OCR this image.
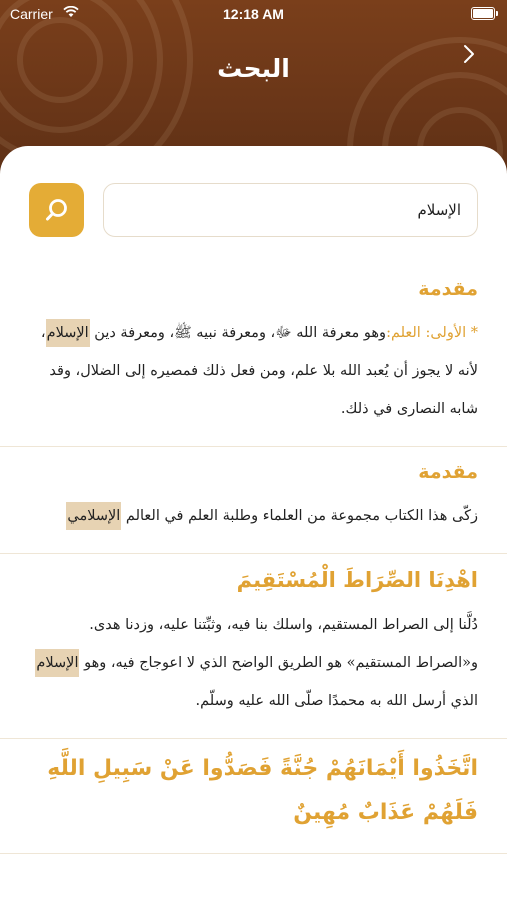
Carrier	12:18 AM
البحث
الإسلام
مقدمة
* الأولى: العلم:وهو معرفة الله ﷻ، ومعرفة نبيه ﷺ، ومعرفة دين الإسلام، لأنه لا يجوز أن يُعبد الله بلا علم، ومن فعل ذلك فمصيره إلى الضلال، وقد شابه النصارى في ذلك.
مقدمة
زكّى هذا الكتاب مجموعة من العلماء وطلبة العلم في العالم الإسلامي
اهْدِنَا الصِّرَاطَ الْمُسْتَقِيمَ
دُلَّنا إلى الصراط المستقيم، واسلك بنا فيه، وثبِّتنا عليه، وزدنا هدى.
و«الصراط المستقيم» هو الطريق الواضح الذي لا اعوجاج فيه، وهو الإسلام الذي أرسل الله به محمدًا صلّى الله عليه وسلّم.
اتَّخَذُوا أَيْمَانَهُمْ جُنَّةً فَصَدُّوا عَنْ سَبِيلِ اللَّهِ فَلَهُمْ عَذَابٌ مُهِينٌ
